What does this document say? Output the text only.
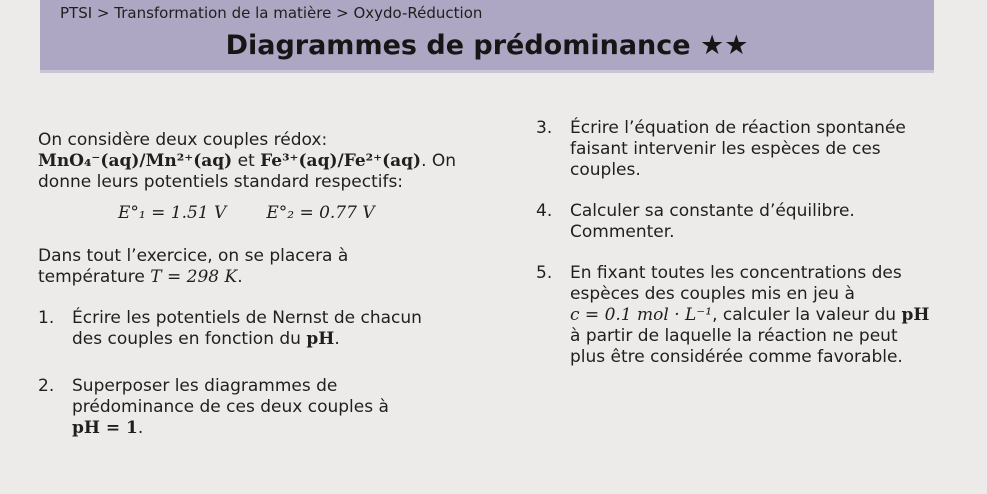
PTSI > Transformation de la matière > Oxydo-Réduction
Diagrammes de prédominance ★★
On considère deux couples rédox:
MnO₄⁻(aq)/Mn²⁺(aq) et Fe³⁺(aq)/Fe²⁺(aq). On
donne leurs potentiels standard respectifs:
E°₁ = 1.51 V E°₂ = 0.77 V
Dans tout l’exercice, on se placera à
température T = 298 K.
1.	Écrire les potentiels de Nernst de chacun
des couples en fonction du pH.
2.	Superposer les diagrammes de
prédominance de ces deux couples à
pH = 1.
3.	Écrire l’équation de réaction spontanée
faisant intervenir les espèces de ces
couples.
4.	Calculer sa constante d’équilibre.
Commenter.
5.	En fixant toutes les concentrations des
espèces des couples mis en jeu à
c = 0.1 mol · L⁻¹, calculer la valeur du pH
à partir de laquelle la réaction ne peut
plus être considérée comme favorable.
